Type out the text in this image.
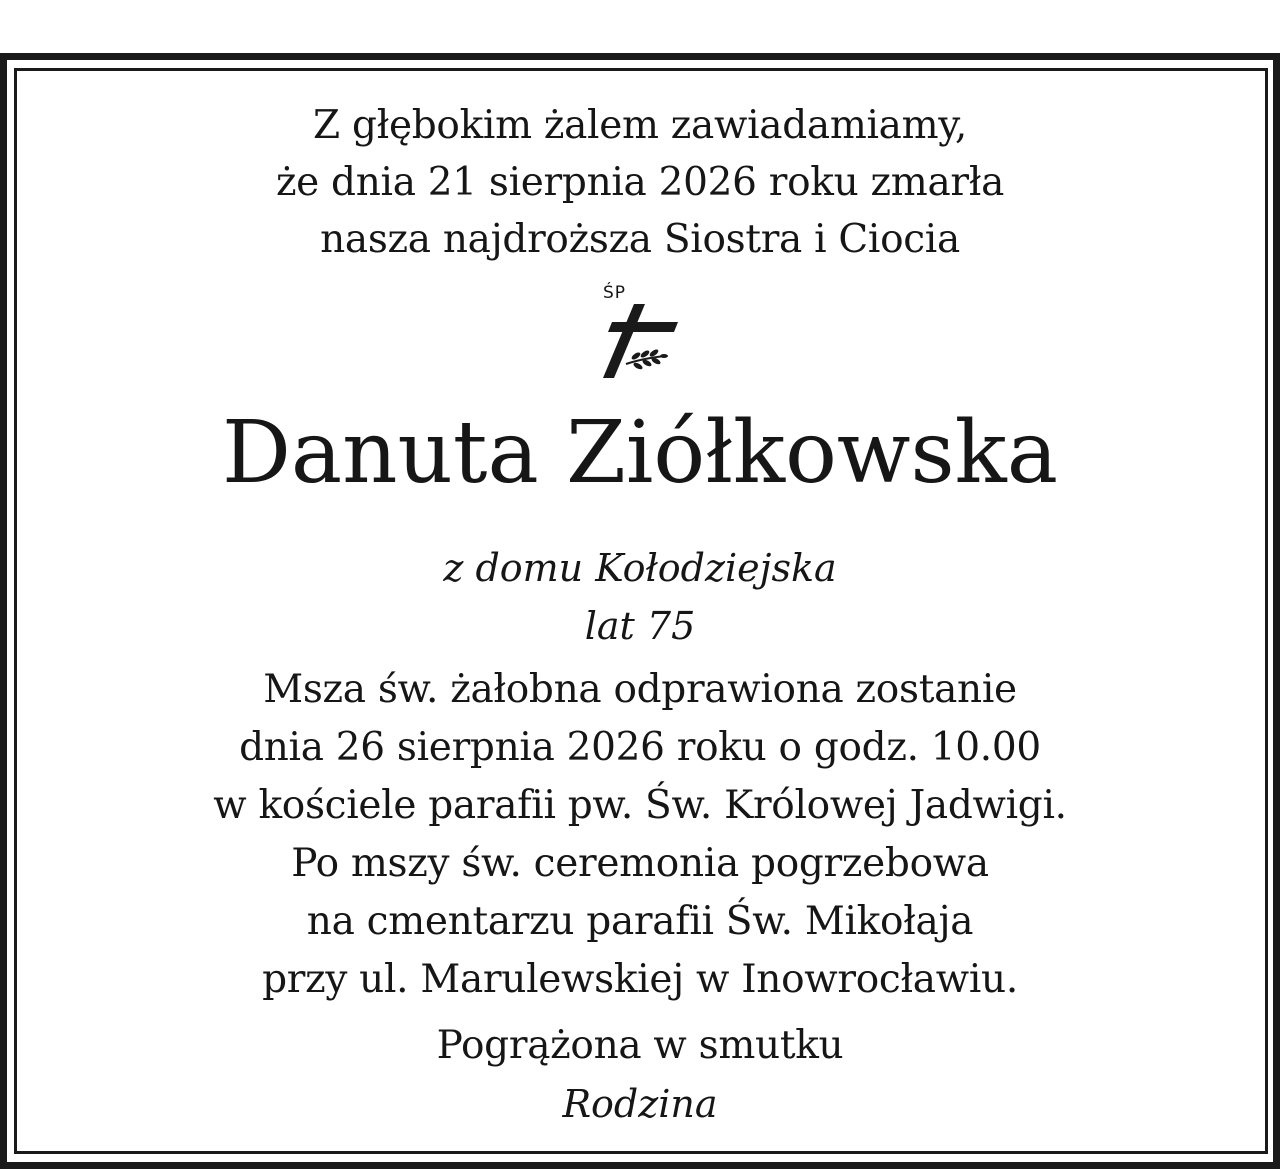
Z głębokim żalem zawiadamiamy,
że dnia 21 sierpnia 2026 roku zmarła
nasza najdroższa Siostra i Ciocia
ŚP
Danuta Ziółkowska
z domu Kołodziejska
lat 75
Msza św. żałobna odprawiona zostanie
dnia 26 sierpnia 2026 roku o godz. 10.00
w kościele parafii pw. Św. Królowej Jadwigi.
Po mszy św. ceremonia pogrzebowa
na cmentarzu parafii Św. Mikołaja
przy ul. Marulewskiej w Inowrocławiu.
Pogrążona w smutku
Rodzina
